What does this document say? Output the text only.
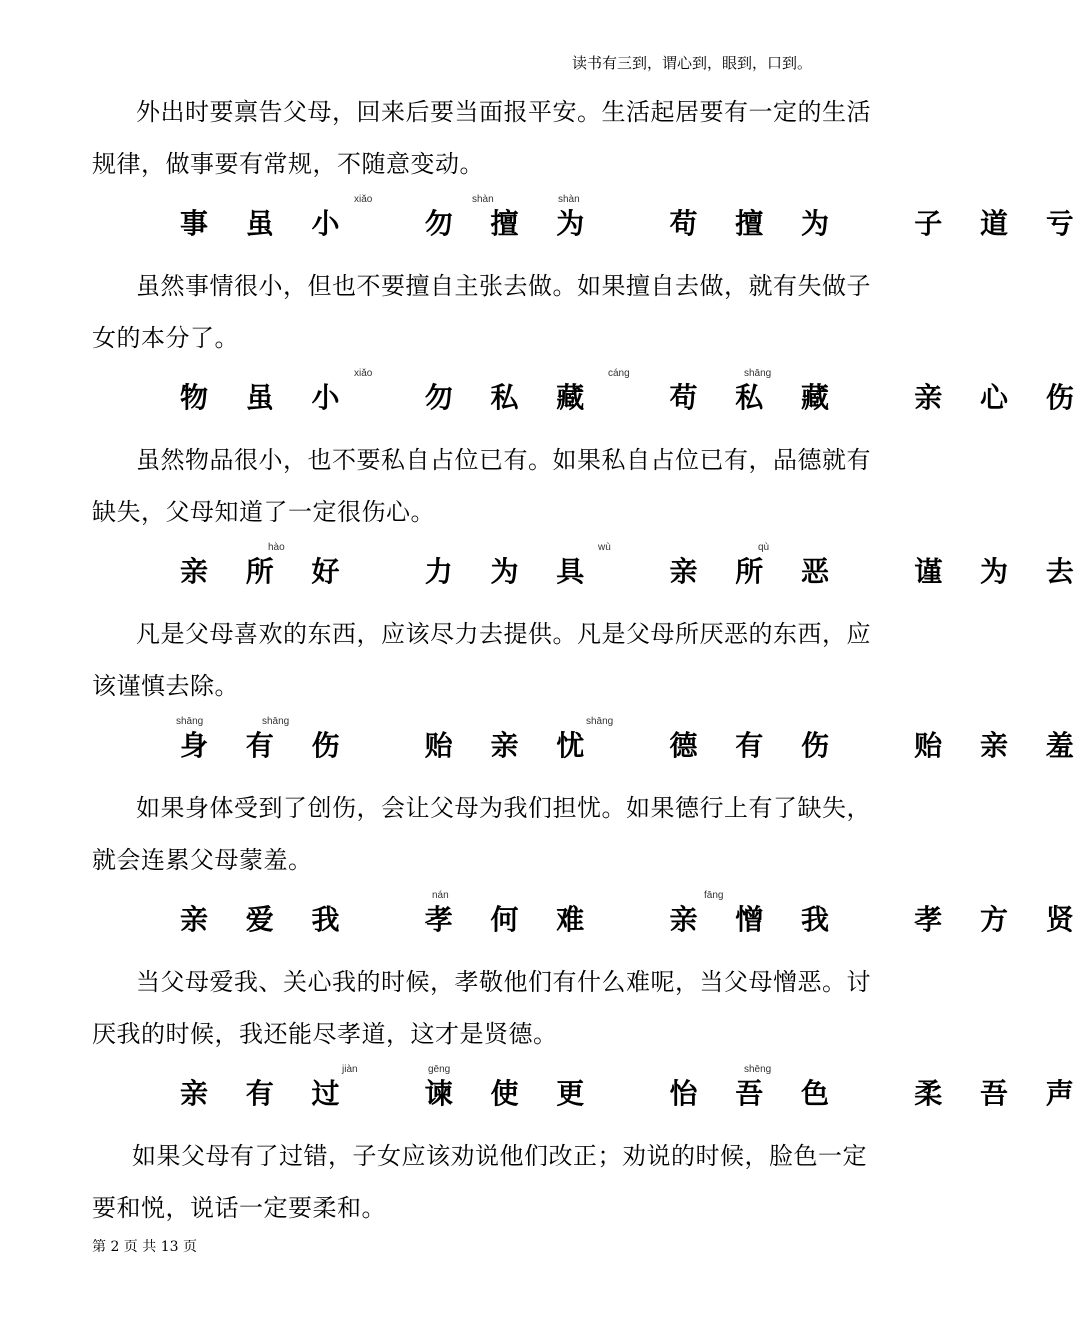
读书有三到，谓心到，眼到，口到。

外出时要禀告父母，回来后要当面报平安。生活起居要有一定的生活规律，做事要有常规，不随意变动。

事 虽 小   勿 擅 为   苟 擅 为   子 道 亏
xiǎo	shàn	shàn

虽然事情很小，但也不要擅自主张去做。如果擅自去做，就有失做子女的本分了。

物 虽 小   勿 私 藏   苟 私 藏   亲 心 伤
xiǎo	cáng	shāng

虽然物品很小，也不要私自占位已有。如果私自占位已有，品德就有缺失，父母知道了一定很伤心。

亲 所 好   力 为 具   亲 所 恶   谨 为 去
hào	wù	qù

凡是父母喜欢的东西，应该尽力去提供。凡是父母所厌恶的东西，应该谨慎去除。

身 有 伤   贻 亲 忧   德 有 伤   贻 亲 羞
shāng	shāng	shāng

如果身体受到了创伤，会让父母为我们担忧。如果德行上有了缺失，就会连累父母蒙羞。

亲 爱 我   孝 何 难   亲 憎 我   孝 方 贤
nán	fāng

当父母爱我、关心我的时候，孝敬他们有什么难呢，当父母憎恶。讨厌我的时候，我还能尽孝道，这才是贤德。

亲 有 过   谏 使 更   怡 吾 色   柔 吾 声
jiàn	gēng	shēng

如果父母有了过错，子女应该劝说他们改正；劝说的时候，脸色一定要和悦，说话一定要柔和。

第 2 页 共 13 页
